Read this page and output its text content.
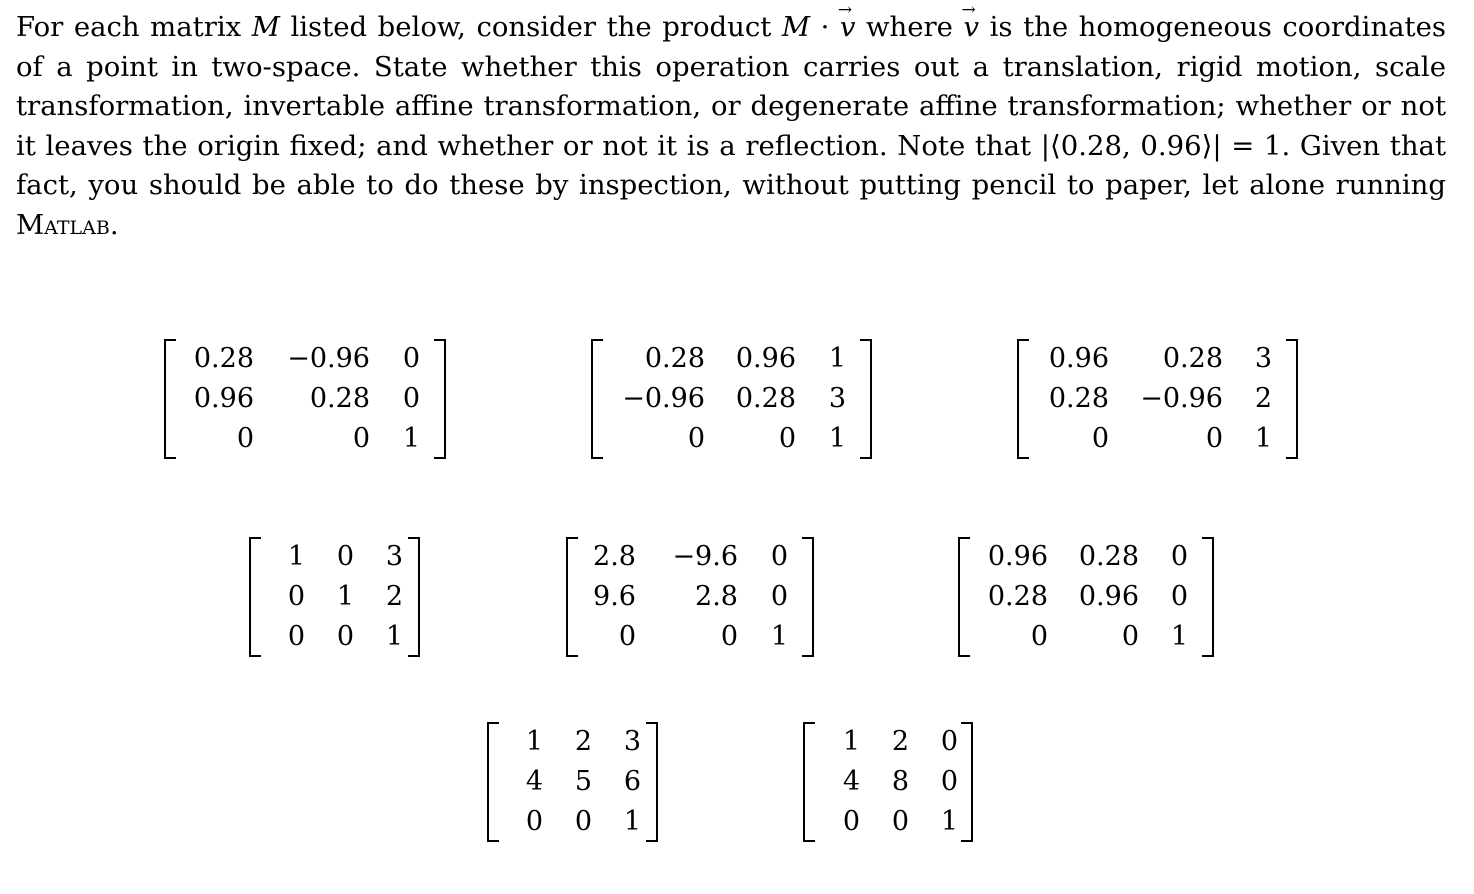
For each matrix M listed below, consider the product M · → v where → v is the homogeneous coordinates of a point in two-space. State whether this operation carries out a translation, rigid motion, scale transformation, invertable affine transformation, or degenerate affine transformation; whether or not it leaves the origin fixed; and whether or not it is a reflection. Note that |⟨0.28, 0.96⟩| = 1. Given that fact, you should be able to do these by inspection, without putting pencil to paper, let alone running Matlab.

0.28 −0.96 0
0.96 0.28 0
0	0 1
0.28 0.96 1
−0.96 0.28 3
0	0 1
0.96 0.28 3
0.28 −0.96 2
0	0 1
1 0 3
0 1 2
0 0 1
2.8 −9.6 0
9.6 2.8 0
0	0 1
0.96 0.28 0
0.28 0.96 0
0	0 1
1 2 3
4 5 6
0 0 1
1 2 0
4 8 0
0 0 1
